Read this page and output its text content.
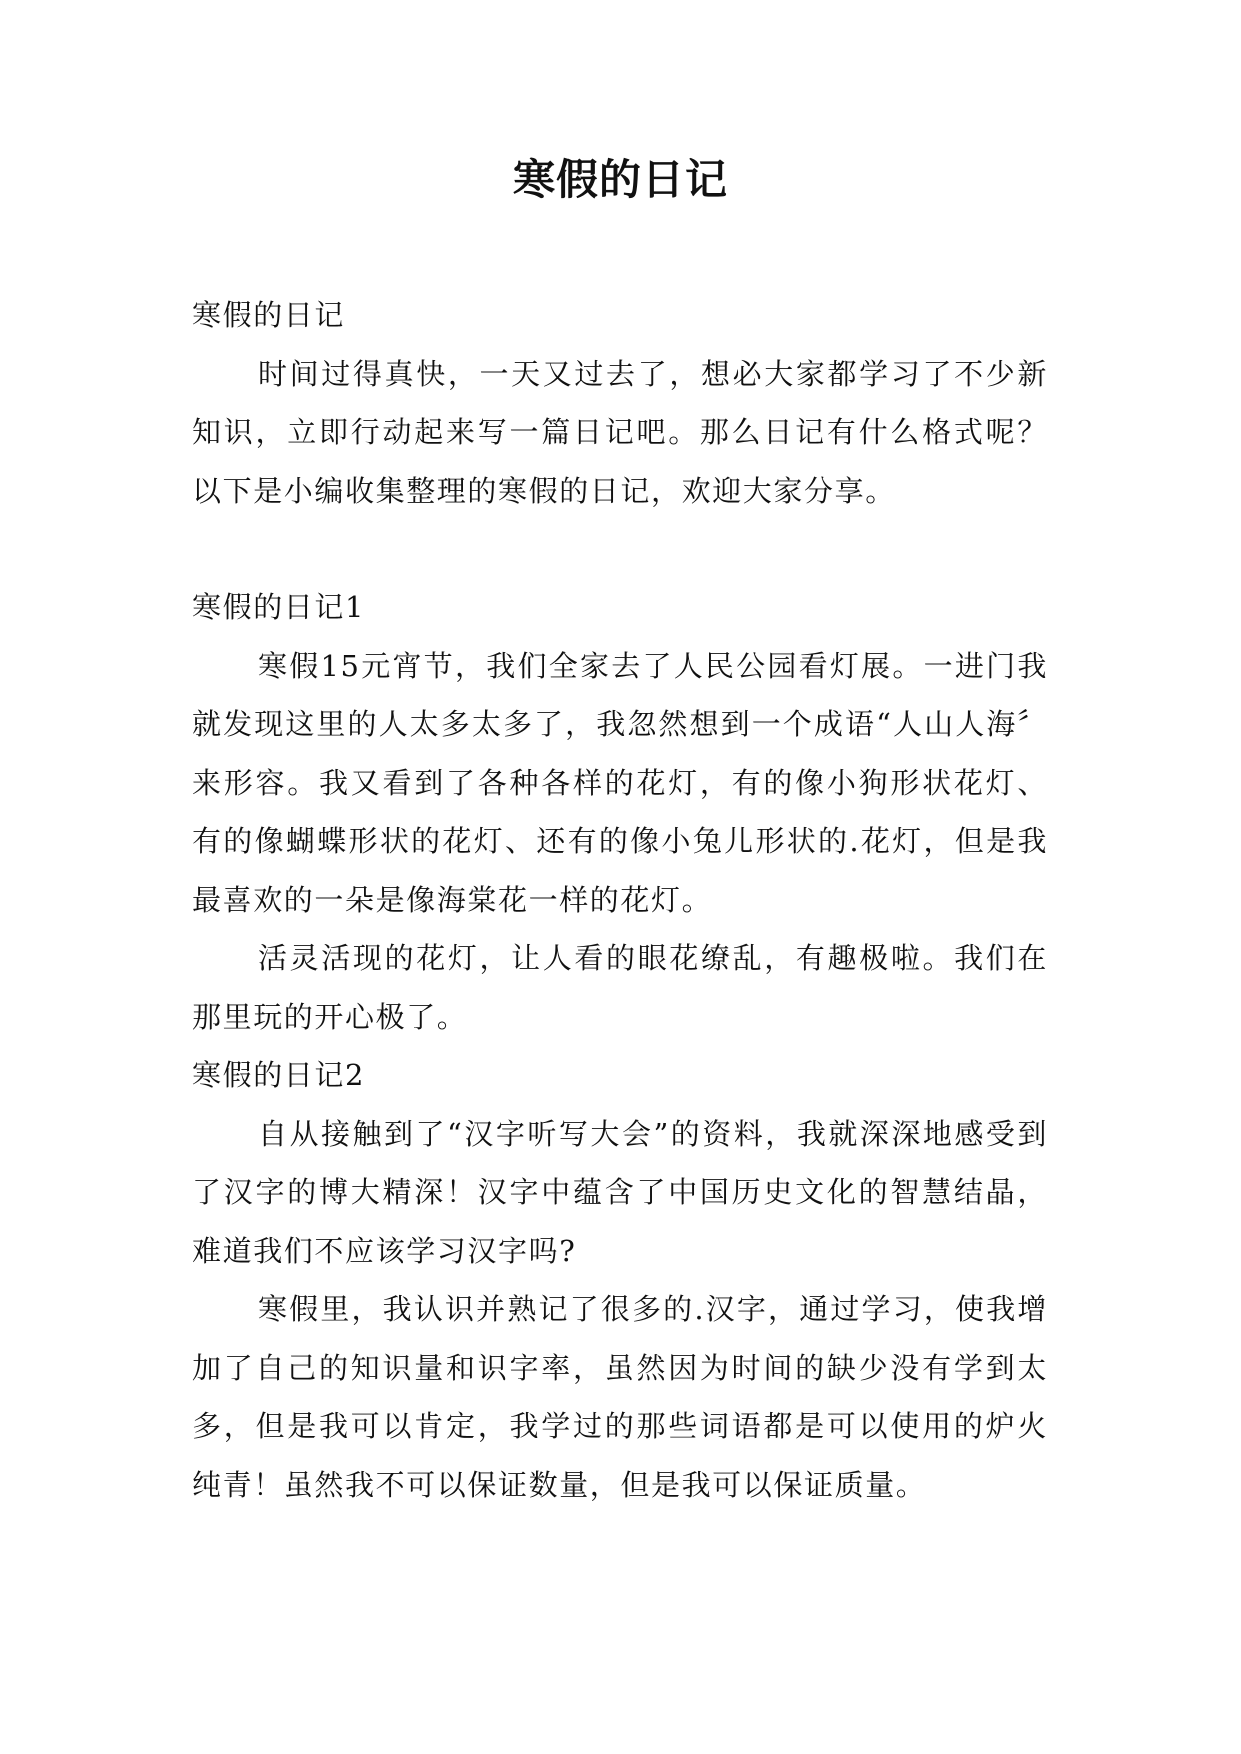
寒假的日记

寒假的日记

时间过得真快，一天又过去了，想必大家都学习了不少新知识，立即行动起来写一篇日记吧。那么日记有什么格式呢？以下是小编收集整理的寒假的日记，欢迎大家分享。

寒假的日记1

寒假15元宵节，我们全家去了人民公园看灯展。一进门我就发现这里的人太多太多了，我忽然想到一个成语“人山人海〞来形容。我又看到了各种各样的花灯，有的像小狗形状花灯、有的像蝴蝶形状的花灯、还有的像小兔儿形状的.花灯，但是我最喜欢的一朵是像海棠花一样的花灯。

活灵活现的花灯，让人看的眼花缭乱，有趣极啦。我们在那里玩的开心极了。

寒假的日记2

自从接触到了“汉字听写大会”的资料，我就深深地感受到了汉字的博大精深！汉字中蕴含了中国历史文化的智慧结晶，难道我们不应该学习汉字吗?

寒假里，我认识并熟记了很多的.汉字，通过学习，使我增加了自己的知识量和识字率，虽然因为时间的缺少没有学到太多，但是我可以肯定，我学过的那些词语都是可以使用的炉火纯青！虽然我不可以保证数量，但是我可以保证质量。
